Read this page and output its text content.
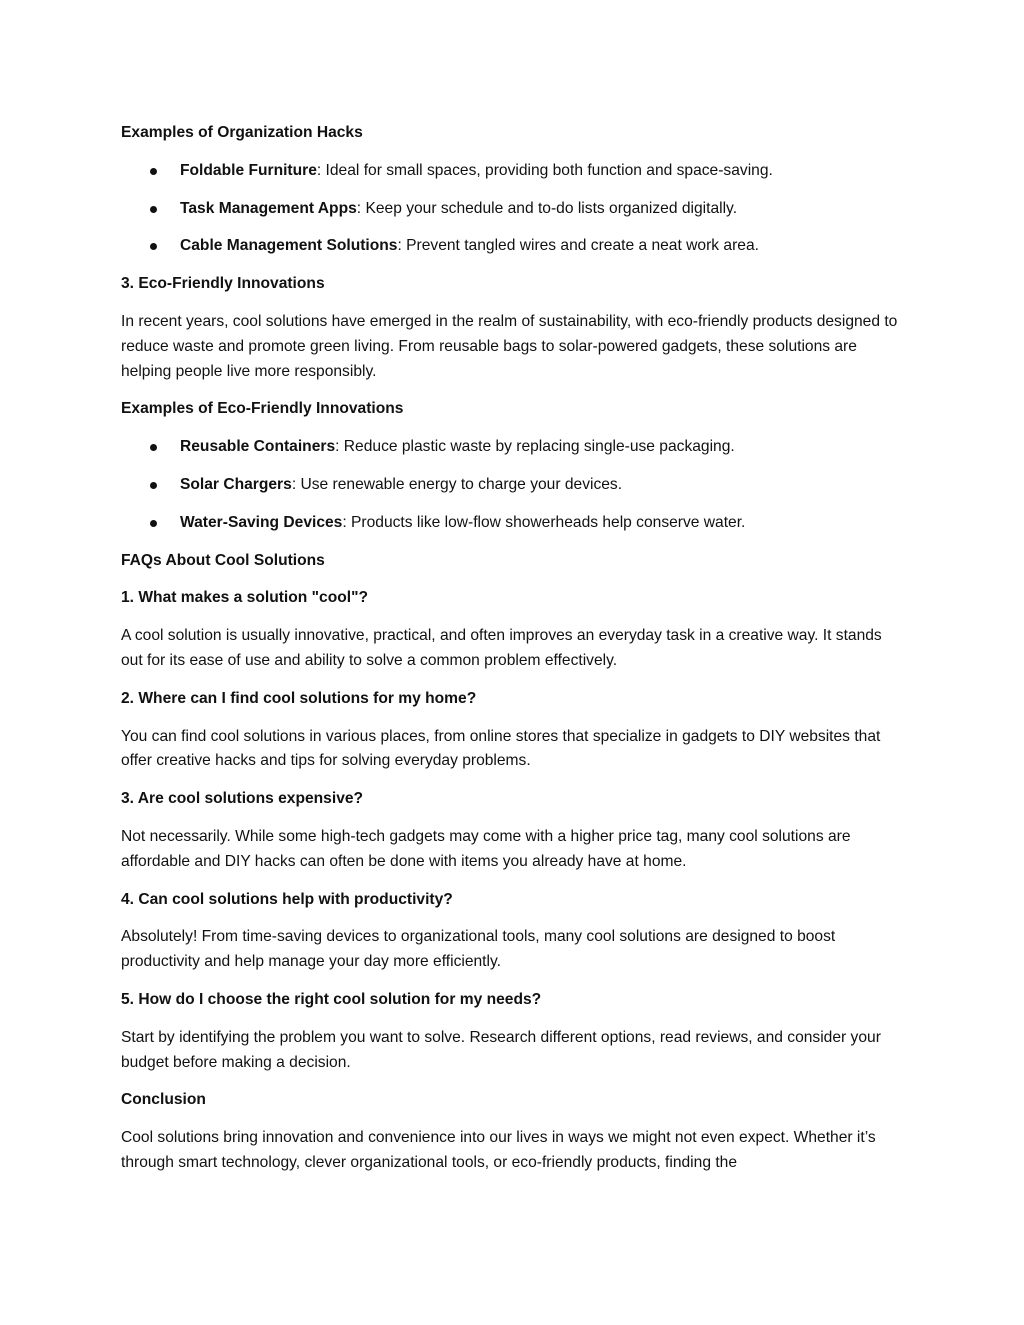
Examples of Organization Hacks

Foldable Furniture: Ideal for small spaces, providing both function and space-saving.
Task Management Apps: Keep your schedule and to-do lists organized digitally.
Cable Management Solutions: Prevent tangled wires and create a neat work area.

3. Eco-Friendly Innovations

In recent years, cool solutions have emerged in the realm of sustainability, with eco-friendly products designed to reduce waste and promote green living. From reusable bags to solar-powered gadgets, these solutions are helping people live more responsibly.

Examples of Eco-Friendly Innovations

Reusable Containers: Reduce plastic waste by replacing single-use packaging.
Solar Chargers: Use renewable energy to charge your devices.
Water-Saving Devices: Products like low-flow showerheads help conserve water.

FAQs About Cool Solutions

1. What makes a solution "cool"?

A cool solution is usually innovative, practical, and often improves an everyday task in a creative way. It stands out for its ease of use and ability to solve a common problem effectively.

2. Where can I find cool solutions for my home?

You can find cool solutions in various places, from online stores that specialize in gadgets to DIY websites that offer creative hacks and tips for solving everyday problems.

3. Are cool solutions expensive?

Not necessarily. While some high-tech gadgets may come with a higher price tag, many cool solutions are affordable and DIY hacks can often be done with items you already have at home.

4. Can cool solutions help with productivity?

Absolutely! From time-saving devices to organizational tools, many cool solutions are designed to boost productivity and help manage your day more efficiently.

5. How do I choose the right cool solution for my needs?

Start by identifying the problem you want to solve. Research different options, read reviews, and consider your budget before making a decision.

Conclusion

Cool solutions bring innovation and convenience into our lives in ways we might not even expect. Whether it’s through smart technology, clever organizational tools, or eco-friendly products, finding the
